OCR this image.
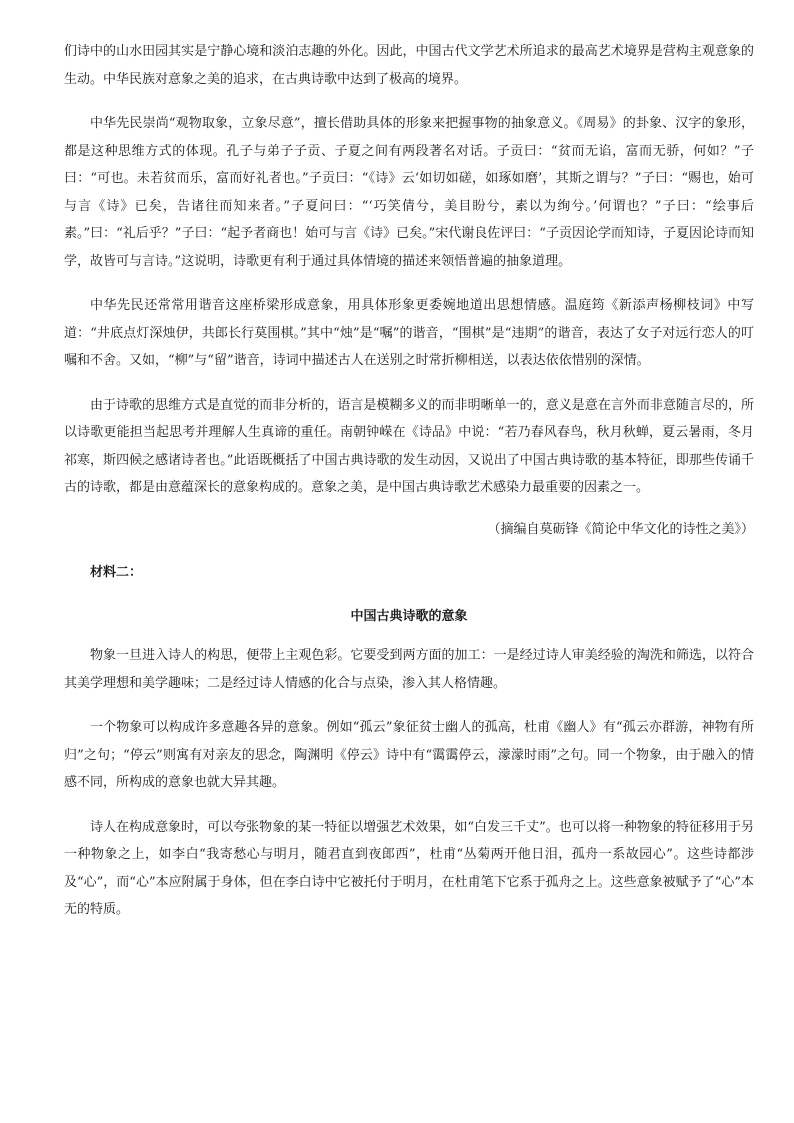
们诗中的山水田园其实是宁静心境和淡泊志趣的外化。因此，中国古代文学艺术所追求的最高艺术境界是营构主观意象的生动。中华民族对意象之美的追求，在古典诗歌中达到了极高的境界。

中华先民崇尚“观物取象，立象尽意”，擅长借助具体的形象来把握事物的抽象意义。《周易》的卦象、汉字的象形，都是这种思维方式的体现。孔子与弟子子贡、子夏之间有两段著名对话。子贡曰：“贫而无谄，富而无骄，何如？”子曰：“可也。未若贫而乐，富而好礼者也。”子贡曰：“《诗》云‘如切如磋，如琢如磨’，其斯之谓与？”子曰：“赐也，始可与言《诗》已矣，告诸往而知来者。”子夏问曰：“‘巧笑倩兮，美目盼兮，素以为绚兮。’何谓也？”子曰：“绘事后素。”曰：“礼后乎？”子曰：“起予者商也！始可与言《诗》已矣。”宋代谢良佐评曰：“子贡因论学而知诗，子夏因论诗而知学，故皆可与言诗。”这说明，诗歌更有利于通过具体情境的描述来领悟普遍的抽象道理。

中华先民还常常用谐音这座桥梁形成意象，用具体形象更委婉地道出思想情感。温庭筠《新添声杨柳枝词》中写道：“井底点灯深烛伊，共郎长行莫围棋。”其中“烛”是“嘱”的谐音，“围棋”是“违期”的谐音，表达了女子对远行恋人的叮嘱和不舍。又如，“柳”与“留”谐音，诗词中描述古人在送别之时常折柳相送，以表达依依惜别的深情。

由于诗歌的思维方式是直觉的而非分析的，语言是模糊多义的而非明晰单一的，意义是意在言外而非意随言尽的，所以诗歌更能担当起思考并理解人生真谛的重任。南朝钟嵘在《诗品》中说：“若乃春风春鸟，秋月秋蝉，夏云暑雨，冬月祁寒，斯四候之感诸诗者也。”此语既概括了中国古典诗歌的发生动因，又说出了中国古典诗歌的基本特征，即那些传诵千古的诗歌，都是由意蕴深长的意象构成的。意象之美，是中国古典诗歌艺术感染力最重要的因素之一。

（摘编自莫砺锋《简论中华文化的诗性之美》）

材料二：

中国古典诗歌的意象

物象一旦进入诗人的构思，便带上主观色彩。它要受到两方面的加工：一是经过诗人审美经验的淘洗和筛选，以符合其美学理想和美学趣味；二是经过诗人情感的化合与点染，渗入其人格情趣。

一个物象可以构成许多意趣各异的意象。例如“孤云”象征贫士幽人的孤高，杜甫《幽人》有“孤云亦群游，神物有所归”之句；“停云”则寓有对亲友的思念，陶渊明《停云》诗中有“霭霭停云，濛濛时雨”之句。同一个物象，由于融入的情感不同，所构成的意象也就大异其趣。

诗人在构成意象时，可以夸张物象的某一特征以增强艺术效果，如“白发三千丈”。也可以将一种物象的特征移用于另一种物象之上，如李白“我寄愁心与明月，随君直到夜郎西”，杜甫“丛菊两开他日泪，孤舟一系故园心”。这些诗都涉及“心”，而“心”本应附属于身体，但在李白诗中它被托付于明月，在杜甫笔下它系于孤舟之上。这些意象被赋予了“心”本无的特质。
